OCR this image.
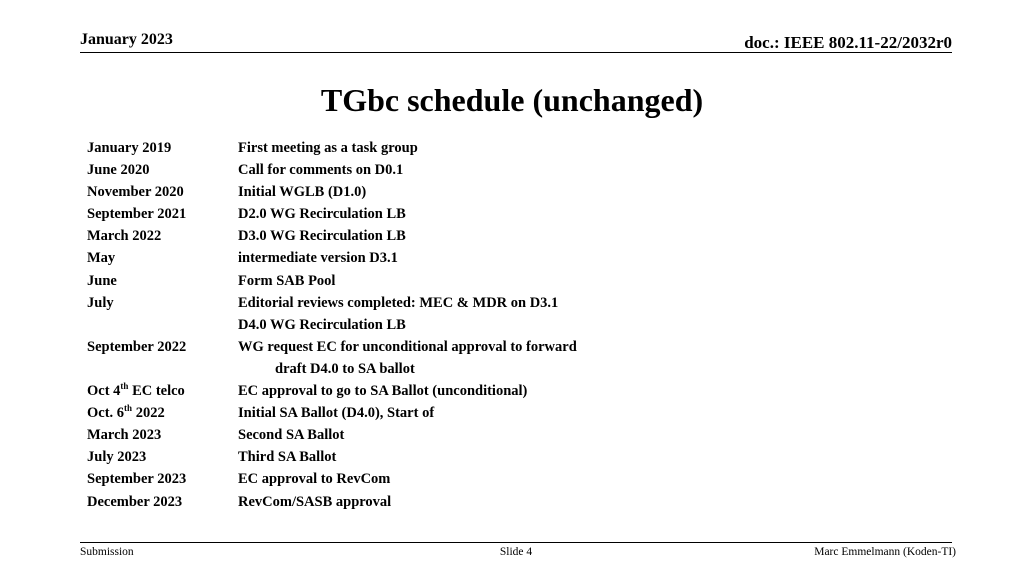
January 2023	doc.: IEEE 802.11-22/2032r0
TGbc schedule (unchanged)
January 2019	First meeting as a task group
June 2020	Call for comments on D0.1
November 2020	Initial WGLB (D1.0)
September 2021	D2.0 WG Recirculation LB
March 2022	D3.0 WG Recirculation LB
May	intermediate version D3.1
June	Form SAB Pool
July	Editorial reviews completed: MEC & MDR on D3.1
D4.0 WG Recirculation LB
September 2022	WG request EC for unconditional approval to forward
draft D4.0 to SA ballot
Oct 4th EC telco	EC approval to go to SA Ballot (unconditional)
Oct. 6th 2022	Initial SA Ballot (D4.0), Start of
March 2023	Second SA Ballot
July 2023	Third SA Ballot
September 2023	EC approval to RevCom
December 2023	RevCom/SASB approval
Submission	Slide 4	Marc Emmelmann (Koden-TI)
